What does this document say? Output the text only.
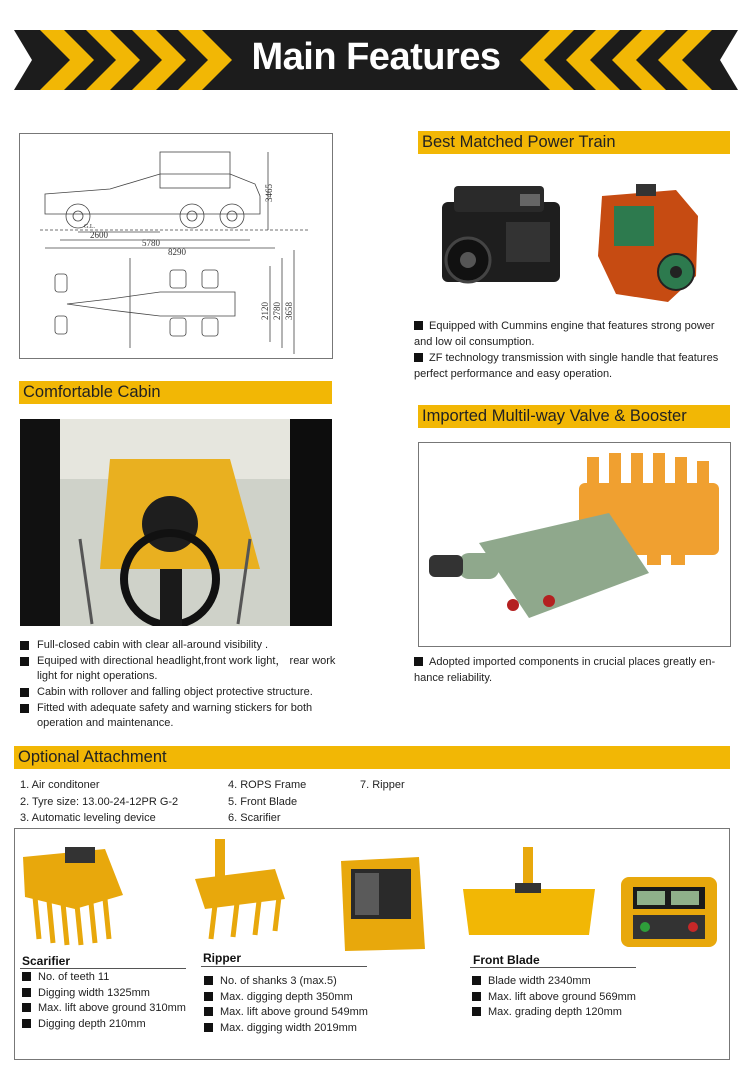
Main Features
3465
G.L.
2600
5780
8290
2120 2780 3658
Best Matched Power Train

Equipped with Cummins engine that features strong power and low oil consumption.

ZF technology transmission with single handle that features perfect performance and easy operation.

Comfortable Cabin
Full-closed cabin with clear all-around visibility .
Equiped with directional headlight,front work light， rear work light for night operations.
Cabin with rollover and falling object protective structure.
Fitted with adequate safety and warning stickers for both operation and maintenance.
Imported Multil-way Valve & Booster

Adopted imported components in crucial places greatly en-hance reliability.

Optional Attachment
1. Air conditoner
2. Tyre size: 13.00-24-12PR G-2
3. Automatic leveling device
4. ROPS Frame
5. Front Blade
6. Scarifier
7. Ripper
Scarifier
No. of teeth 11
Digging width 1325mm
Max. lift above ground 310mm
Digging depth 210mm
Ripper
No. of shanks 3 (max.5)
Max. digging depth 350mm
Max. lift above ground 549mm
Max. digging width 2019mm
Front Blade
Blade width 2340mm
Max. lift above ground 569mm
Max. grading depth 120mm
